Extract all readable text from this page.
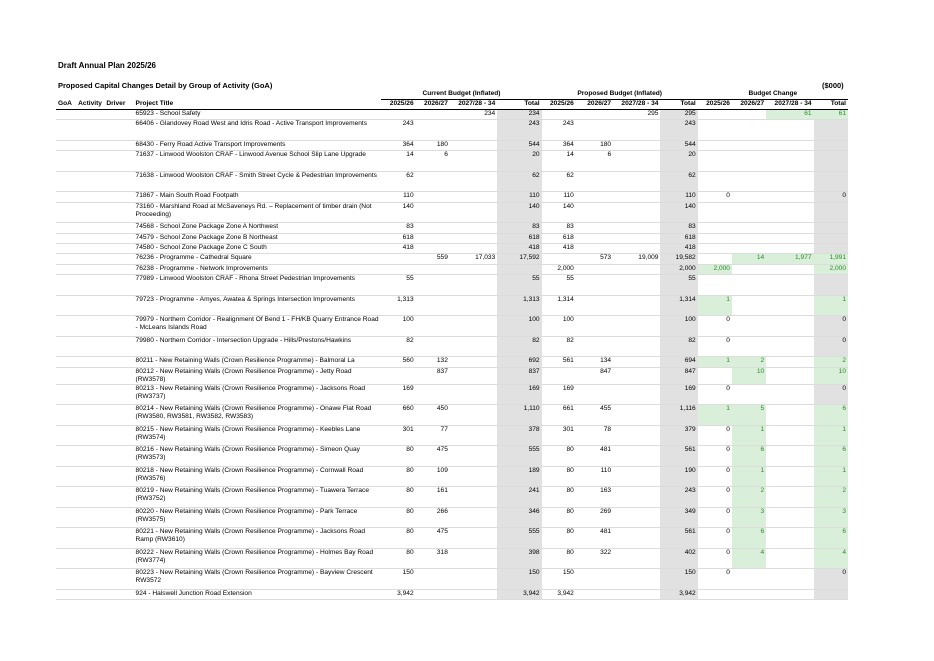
Draft Annual Plan 2025/26
Proposed Capital Changes Detail by Group of Activity (GoA)	($000)
				Current Budget (Inflated)				Proposed Budget (Inflated)				Budget Change			
GoA	Activity	Driver	Project Title	2025/26	2026/27	2027/28 - 34	Total	2025/26	2026/27	2027/28 - 34	Total	2025/26	2026/27	2027/28 - 34	Total
			65923 - School Safety			234	234			295	295			61	61
			66406 - Glandovey Road West and Idris Road - Active Transport Improvements	243			243	243			243				
			68430 - Ferry Road Active Transport Improvements	364	180		544	364	180		544				
			71637 - Linwood Woolston CRAF - Linwood Avenue School Slip Lane Upgrade	14	6		20	14	6		20				
			71638 - Linwood Woolston CRAF - Smith Street Cycle & Pedestrian Improvements	62			62	62			62				
			71867 - Main South Road Footpath	110			110	110			110	0			0
			73160 - Marshland Road at McSaveneys Rd. – Replacement of timber drain (Not Proceeding)	140			140	140			140				
			74568 - School Zone Package Zone A Northwest	83			83	83			83				
			74579 - School Zone Package Zone B Northeast	618			618	618			618				
			74580 - School Zone Package Zone C South	418			418	418			418				
			76236 - Programme - Cathedral Square		559	17,033	17,592		573	19,009	19,582		14	1,977	1,991
			76238 - Programme - Network Improvements					2,000			2,000	2,000			2,000
			77989 - Linwood Woolston CRAF - Rhona Street Pedestrian Improvements	55			55	55			55				
			79723 - Programme - Amyes, Awatea & Springs Intersection Improvements	1,313			1,313	1,314			1,314	1			1
			79979 - Northern Corridor - Realignment Of Bend 1 - FH/KB Quarry Entrance Road - McLeans Islands Road	100			100	100			100	0			0
			79980 - Northern Corridor - Intersection Upgrade - Hills/Prestons/Hawkins	82			82	82			82	0			0
			80211 - New Retaining Walls (Crown Resilience Programme) - Balmoral La	560	132		692	561	134		694	1	2		2
			80212 - New Retaining Walls (Crown Resilience Programme) - Jetty Road (RW3578)		837		837		847		847		10		10
			80213 - New Retaining Walls (Crown Resilience Programme) - Jacksons Road (RW3737)	169			169	169			169	0			0
			80214 - New Retaining Walls (Crown Resilience Programme) - Onawe Flat Road (RW3580, RW3581, RW3582, RW3583)	660	450		1,110	661	455		1,116	1	5		6
			80215 - New Retaining Walls (Crown Resilience Programme) - Keebles Lane (RW3574)	301	77		378	301	78		379	0	1		1
			80216 - New Retaining Walls (Crown Resilience Programme) - Simeon Quay (RW3573)	80	475		555	80	481		561	0	6		6
			80218 - New Retaining Walls (Crown Resilience Programme) - Cornwall Road (RW3576)	80	109		189	80	110		190	0	1		1
			80219 - New Retaining Walls (Crown Resilience Programme) - Tuawera Terrace (RW3752)	80	161		241	80	163		243	0	2		2
			80220 - New Retaining Walls (Crown Resilience Programme) - Park Terrace (RW3575)	80	266		346	80	269		349	0	3		3
			80221 - New Retaining Walls (Crown Resilience Programme) - Jacksons Road Ramp (RW3610)	80	475		555	80	481		561	0	6		6
			80222 - New Retaining Walls (Crown Resilience Programme) - Holmes Bay Road (RW3774)	80	318		398	80	322		402	0	4		4
			80223 - New Retaining Walls (Crown Resilience Programme) - Bayview Crescent RW3572	150			150	150			150	0			0
			924 - Halswell Junction Road Extension	3,942			3,942	3,942			3,942				
